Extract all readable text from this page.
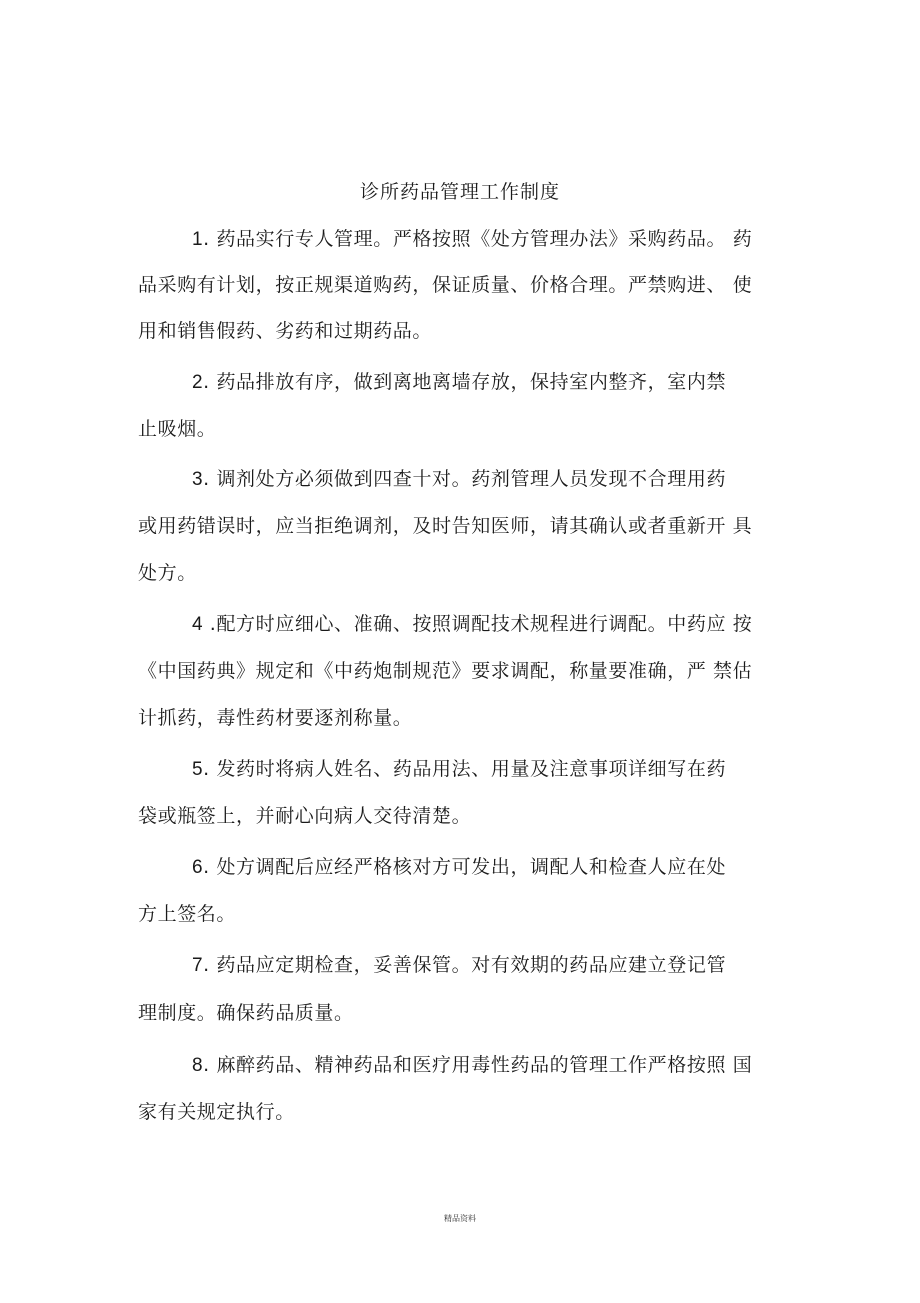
诊所药品管理工作制度
1. 药品实行专人管理。严格按照《处方管理办法》采购药品。 药
品采购有计划，按正规渠道购药，保证质量、价格合理。严禁购进、 使
用和销售假药、劣药和过期药品。
2. 药品排放有序，做到离地离墙存放，保持室内整齐，室内禁
止吸烟。
3. 调剂处方必须做到四查十对。药剂管理人员发现不合理用药
或用药错误时，应当拒绝调剂，及时告知医师，请其确认或者重新开 具
处方。
4 .配方时应细心、准确、按照调配技术规程进行调配。中药应 按
《中国药典》规定和《中药炮制规范》要求调配，称量要准确，严 禁估
计抓药，毒性药材要逐剂称量。
5. 发药时将病人姓名、药品用法、用量及注意事项详细写在药
袋或瓶签上，并耐心向病人交待清楚。
6. 处方调配后应经严格核对方可发出，调配人和检查人应在处
方上签名。
7. 药品应定期检查，妥善保管。对有效期的药品应建立登记管
理制度。确保药品质量。
8. 麻醉药品、精神药品和医疗用毒性药品的管理工作严格按照 国
家有关规定执行。
精品资料
